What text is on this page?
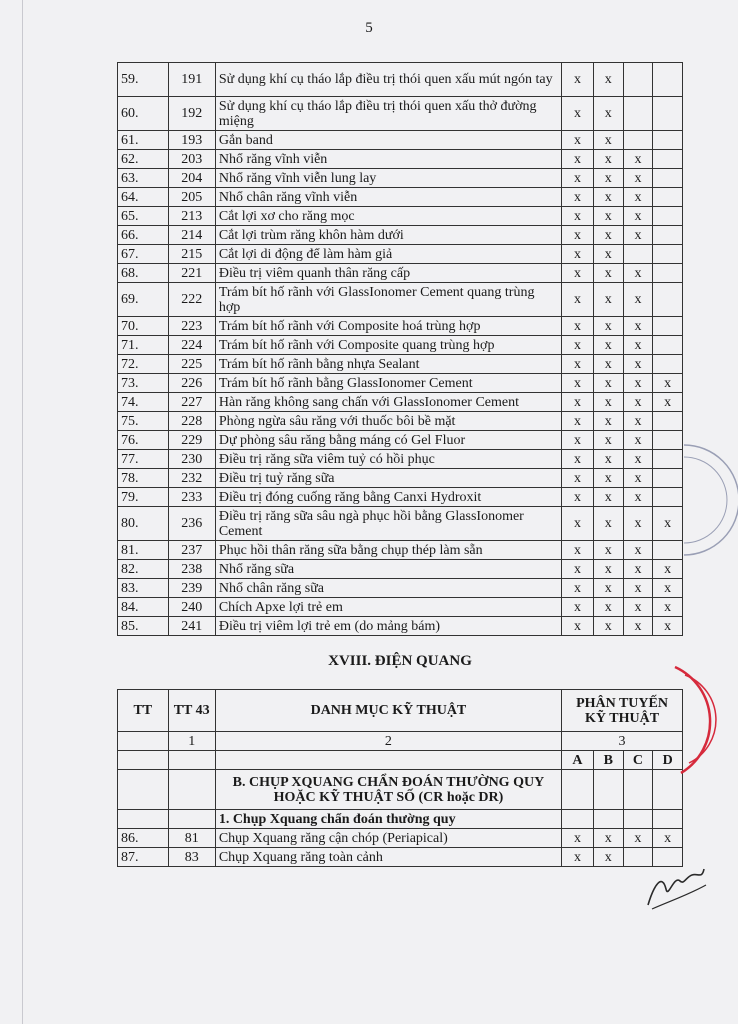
5
59.	191	Sử dụng khí cụ tháo lắp điều trị thói quen xấu mút ngón tay	x	x		
60.	192	Sử dụng khí cụ tháo lắp điều trị thói quen xấu thở đường miệng	x	x		
61.	193	Gắn band	x	x		
62.	203	Nhổ răng vĩnh viễn	x	x	x	
63.	204	Nhổ răng vĩnh viễn lung lay	x	x	x	
64.	205	Nhổ chân răng vĩnh viễn	x	x	x	
65.	213	Cắt lợi xơ cho răng mọc	x	x	x	
66.	214	Cắt lợi trùm răng khôn hàm dưới	x	x	x	
67.	215	Cắt lợi di động để làm hàm giả	x	x		
68.	221	Điều trị viêm quanh thân răng cấp	x	x	x	
69.	222	Trám bít hố rãnh với GlassIonomer Cement quang trùng hợp	x	x	x	
70.	223	Trám bít hố rãnh với Composite hoá trùng hợp	x	x	x	
71.	224	Trám bít hố rãnh với Composite quang trùng hợp	x	x	x	
72.	225	Trám bít hố rãnh bằng nhựa Sealant	x	x	x	
73.	226	Trám bít hố rãnh bằng GlassIonomer Cement	x	x	x	x
74.	227	Hàn răng không sang chấn với GlassIonomer Cement	x	x	x	x
75.	228	Phòng ngừa sâu răng với thuốc bôi bề mặt	x	x	x	
76.	229	Dự phòng sâu răng bằng máng có Gel Fluor	x	x	x	
77.	230	Điều trị răng sữa viêm tuỷ có hồi phục	x	x	x	
78.	232	Điều trị tuỷ răng sữa	x	x	x	
79.	233	Điều trị đóng cuống răng bằng Canxi Hydroxit	x	x	x	
80.	236	Điều trị răng sữa sâu ngà phục hồi bằng GlassIonomer Cement	x	x	x	x
81.	237	Phục hồi thân răng sữa bằng chụp thép làm sẵn	x	x	x	
82.	238	Nhổ răng sữa	x	x	x	x
83.	239	Nhổ chân răng sữa	x	x	x	x
84.	240	Chích Apxe lợi trẻ em	x	x	x	x
85.	241	Điều trị viêm lợi trẻ em (do mảng bám)	x	x	x	x
XVIII. ĐIỆN QUANG
TT	TT 43	DANH MỤC KỸ THUẬT	PHÂN TUYẾN KỸ THUẬT			
	1	2	3			
			A	B	C	D
		B. CHỤP XQUANG CHẨN ĐOÁN THƯỜNG QUY HOẶC KỸ THUẬT SỐ (CR hoặc DR)				
		1. Chụp Xquang chẩn đoán thường quy				
86.	81	Chụp Xquang răng cận chóp (Periapical)	x	x	x	x
87.	83	Chụp Xquang răng toàn cảnh	x	x		
